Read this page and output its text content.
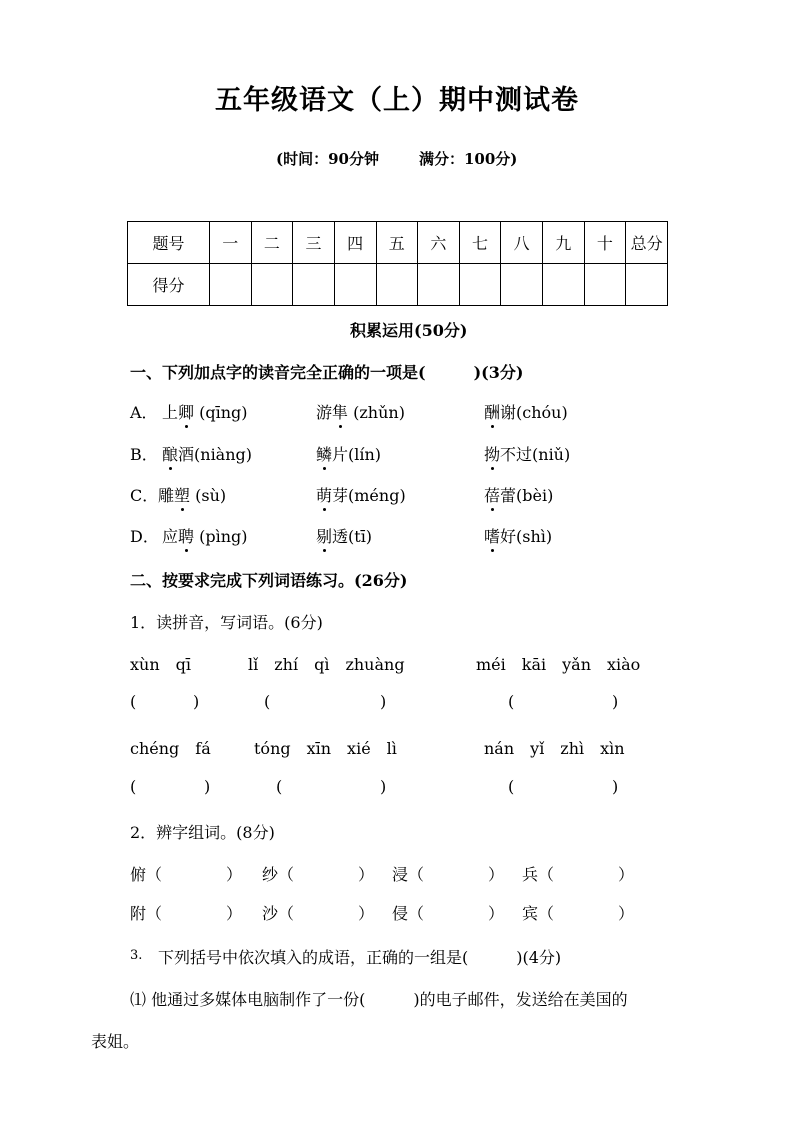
五年级语文（上）期中测试卷
(时间：90分钟	满分：100分)
题号	一	二	三	四	五	六	七	八	九	十	总分
得分											
积累运用(50分)
一、下列加点字的读音完全正确的一项是(　　　)(3分)
A． 上卿 (qīng)	游隼 (zhǔn)	酬谢(chóu)
B． 酿酒(niàng)	鳞片(lín)	拗不过(niǔ)
C． 雕塑 (sù)	萌芽(méng)	蓓蕾(bèi)
D． 应聘 (pìng)	剔透(tī)	嗜好(shì)
二、按要求完成下列词语练习。(26分)
1．读拼音，写词语。(6分)
xùn　qī	lǐ　zhí　qì　zhuàng	méi　kāi　yǎn　xiào
(	)	(	)	(	)
chéng　fá	tóng　xīn　xié　lì	nán　yǐ　zhì　xìn
(	)	(	)	(	)
2．辨字组词。(8分)
俯（　　　　） 纱（　　　　） 浸（　　　　） 兵（　　　　）
附（　　　　） 沙（　　　　） 侵（　　　　） 宾（　　　　）
3. 下列括号中依次填入的成语，正确的一组是(　　　)(4分)
⑴ 他通过多媒体电脑制作了一份(　　　)的电子邮件，发送给在美国的
表姐。
